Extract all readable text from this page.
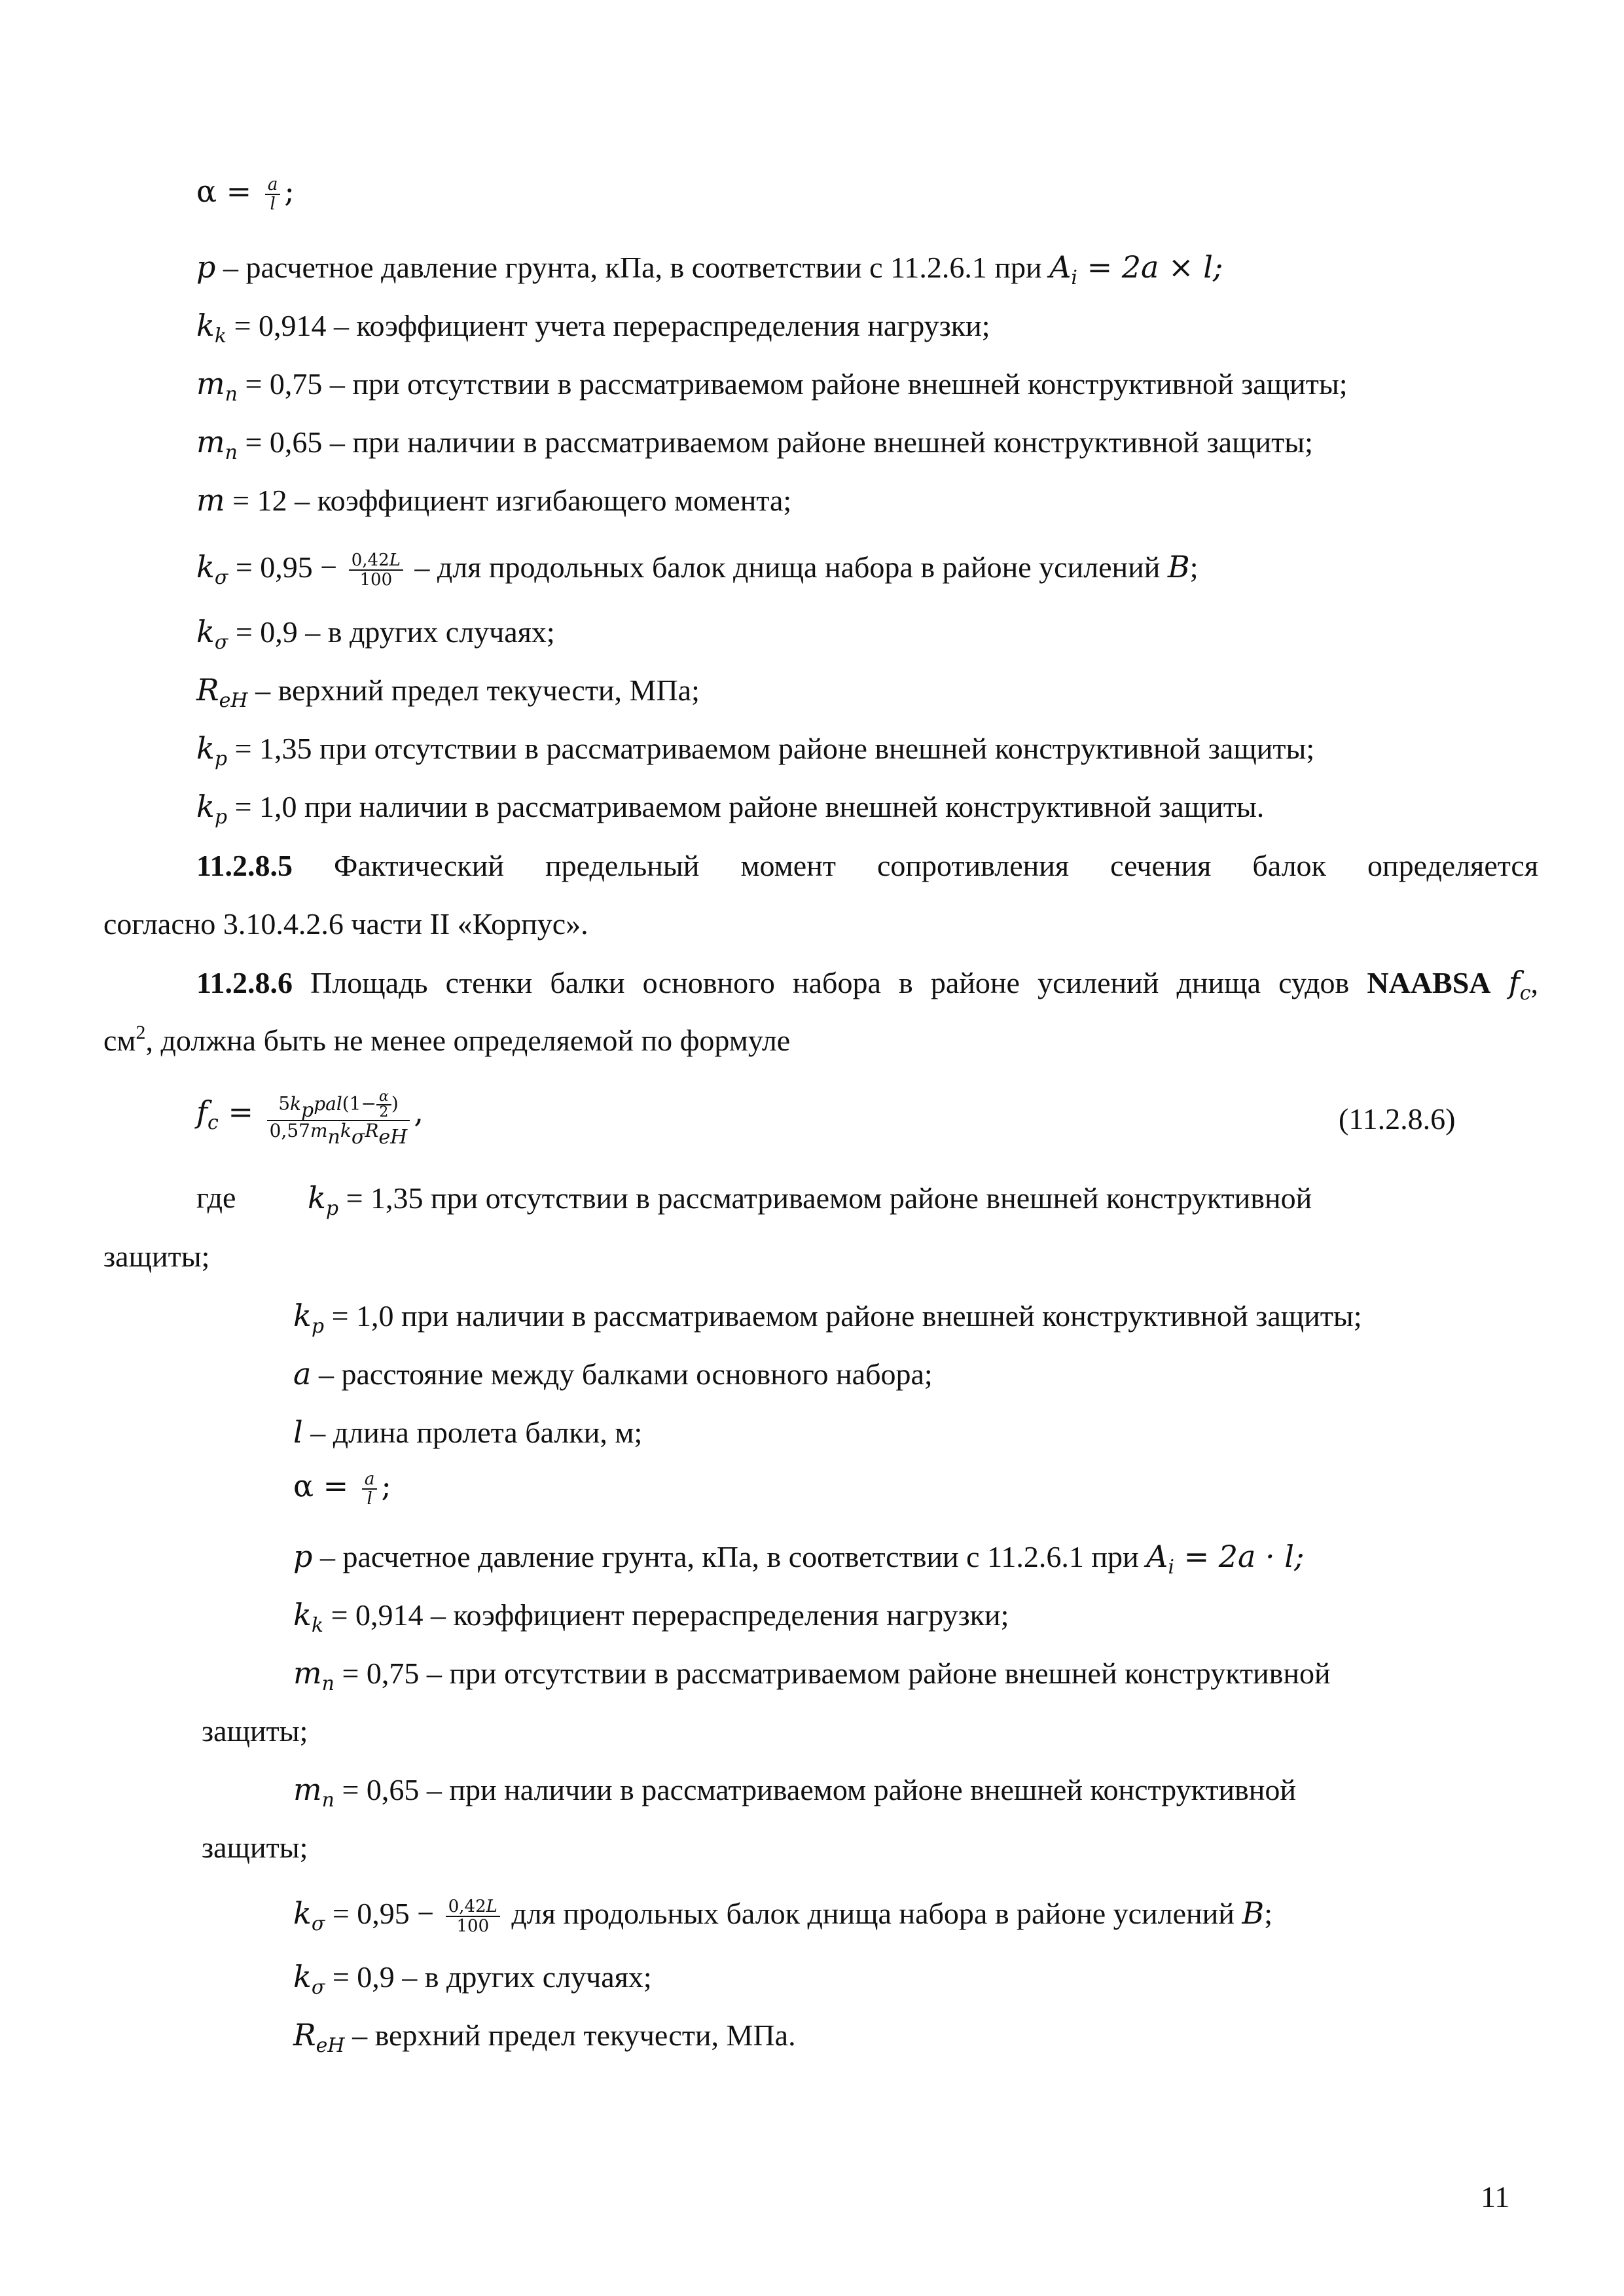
$\alpha = \frac{a}{l}$ ;
p – расчетное давление грунта, кПа, в соответствии с 11.2.6.1 при $A_i = 2a \times l$;
$k_k = 0,914$ – коэффициент учета перераспределения нагрузки;
$m_n = 0,75$ – при отсутствии в рассматриваемом районе внешней конструктивной защиты;
$m_n = 0,65$ – при наличии в рассматриваемом районе внешней конструктивной защиты;
m = 12 – коэффициент изгибающего момента;
$k_\sigma = 0,95 - \frac{0,42L}{100}$ – для продольных балок днища набора в районе усилений B;
$k_\sigma = 0,9 - в$ других случаях;
$R_{eH}$ – верхний предел текучести, МПа;
$k_p = 1,35$ при отсутствии в рассматриваемом районе внешней конструктивной защиты;
$k_p = 1,0$ при наличии в рассматриваемом районе внешней конструктивной защиты.
11.2.8.5 Фактический предельный момент сопротивления сечения балок определяется
согласно 3.10.4.2.6 части II «Корпус».
11.2.8.6 Площадь стенки балки основного набора в районе усилений днища судов NAABSA $f_c$,
$см^2$, должна быть не менее определяемой по формуле
$f_c = \frac{5k_ppal(1- \frac{\alpha}{2} )}{0,57m_nk_\sigma R_{eH}}$ ,	(11.2.8.6)
где $k_p = 1,35$ при отсутствии в рассматриваемом районе внешней конструктивной
защиты;
$k_p = 1,0$ при наличии в рассматриваемом районе внешней конструктивной защиты;
a – расстояние между балками основного набора;
l – длина пролета балки, м;
$\alpha = \frac{a}{l}$ ;
p – расчетное давление грунта, кПа, в соответствии с 11.2.6.1 при $A_i = 2a \cdot l$;
$k_k = 0,914$ – коэффициент перераспределения нагрузки;
$m_n = 0,75$ – при отсутствии в рассматриваемом районе внешней конструктивной
защиты;
$m_n = 0,65$ – при наличии в рассматриваемом районе внешней конструктивной
защиты;
$k_\sigma = 0,95 - \frac{0,42L}{100}$ для продольных балок днища набора в районе усилений B;
$k_\sigma = 0,9 - в$ других случаях;
$R_{eH}$ – верхний предел текучести, МПа.
11
